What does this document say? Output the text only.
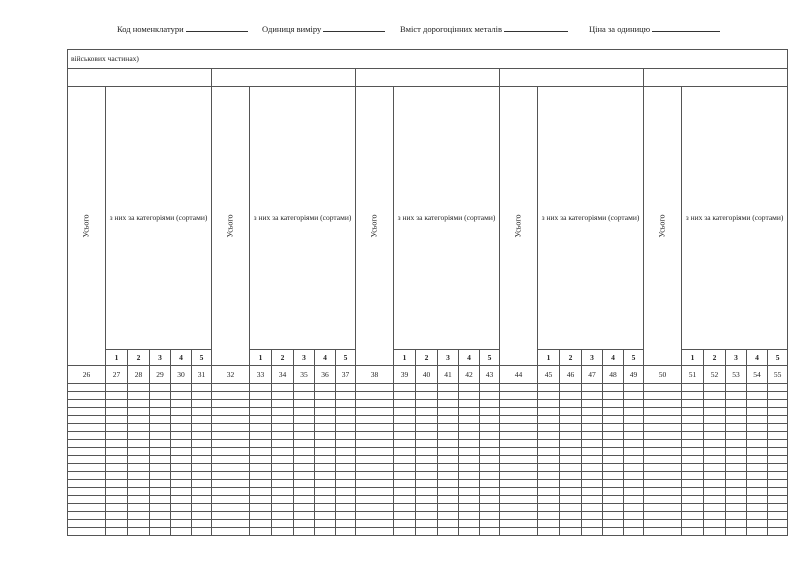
Код номенклатури	Одиниця виміру	Вміст дорогоцінних металів	Ціна за одиницю
військових частинах)																													

Усього	з них за категоріями (сортами)					Усього	з них за категоріями (сортами)					Усього	з них за категоріями (сортами)					Усього	з них за категоріями (сортами)					Усього	з них за категоріями (сортами)				
	1	2	3	4	5		1	2	3	4	5		1	2	3	4	5		1	2	3	4	5		1	2	3	4	5
26	27	28	29	30	31	32	33	34	35	36	37	38	39	40	41	42	43	44	45	46	47	48	49	50	51	52	53	54	55
